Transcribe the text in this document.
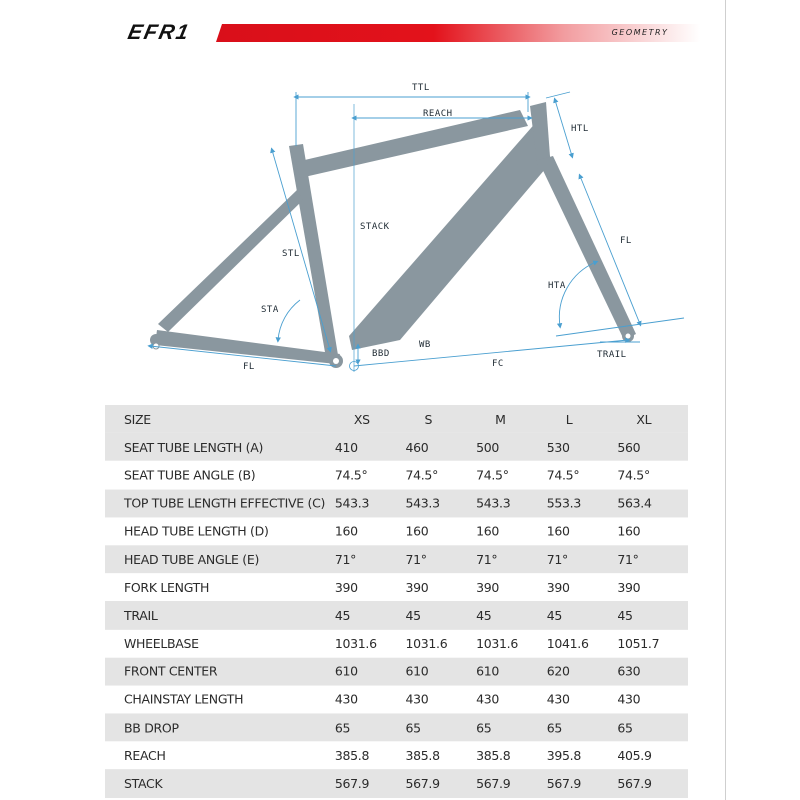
EFR1	GEOMETRY
TTL
REACH
HTL
STACK
STL
FL
HTA
STA
BBD
WB
FC
TRAIL
FL
SIZE	XS	S	M	L	XL
SEAT TUBE LENGTH (A)	410	460	500	530	560
SEAT TUBE ANGLE (B)	74.5°	74.5°	74.5°	74.5°	74.5°
TOP TUBE LENGTH EFFECTIVE (C)	543.3	543.3	543.3	553.3	563.4
HEAD TUBE LENGTH (D)	160	160	160	160	160
HEAD TUBE ANGLE (E)	71°	71°	71°	71°	71°
FORK LENGTH	390	390	390	390	390
TRAIL	45	45	45	45	45
WHEELBASE	1031.6	1031.6	1031.6	1041.6	1051.7
FRONT CENTER	610	610	610	620	630
CHAINSTAY LENGTH	430	430	430	430	430
BB DROP	65	65	65	65	65
REACH	385.8	385.8	385.8	395.8	405.9
STACK	567.9	567.9	567.9	567.9	567.9
